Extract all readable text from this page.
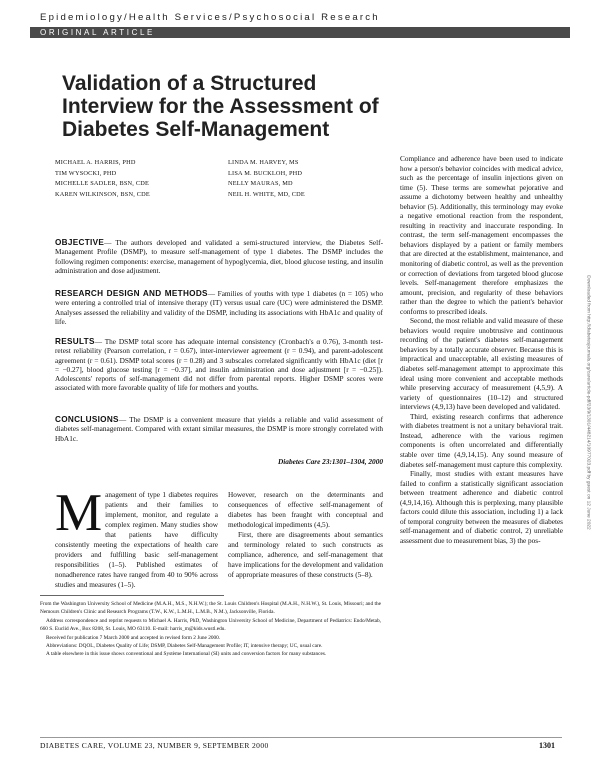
Epidemiology/Health Services/Psychosocial Research
ORIGINAL ARTICLE
Validation of a Structured Interview for the Assessment of Diabetes Self-Management
MICHAEL A. HARRIS, PHD
TIM WYSOCKI, PHD
MICHELLE SADLER, BSN, CDE
KAREN WILKINSON, BSN, CDE
LINDA M. HARVEY, MS
LISA M. BUCKLOH, PHD
NELLY MAURAS, MD
NEIL H. WHITE, MD, CDE
OBJECTIVE— The authors developed and validated a semi-structured interview, the Diabetes Self-Management Profile (DSMP), to measure self-management of type 1 diabetes. The DSMP includes the following regimen components: exercise, management of hypoglycemia, diet, blood glucose testing, and insulin administration and dose adjustment.
RESEARCH DESIGN AND METHODS— Families of youths with type 1 diabetes (n = 105) who were entering a controlled trial of intensive therapy (IT) versus usual care (UC) were administered the DSMP. Analyses assessed the reliability and validity of the DSMP, including its associations with HbA1c and quality of life.
RESULTS— The DSMP total score has adequate internal consistency (Cronbach's α 0.76), 3-month test-retest reliability (Pearson correlation, r = 0.67), inter-interviewer agreement (r = 0.94), and parent-adolescent agreement (r = 0.61). DSMP total scores (r = 0.28) and 3 subscales correlated significantly with HbA1c (diet [r = −0.27], blood glucose testing [r = −0.37], and insulin administration and dose adjustment [r = −0.25]). Adolescents' reports of self-management did not differ from parental reports. Higher DSMP scores were associated with more favorable quality of life for mothers and youths.
CONCLUSIONS— The DSMP is a convenient measure that yields a reliable and valid assessment of diabetes self-management. Compared with extant similar measures, the DSMP is more strongly correlated with HbA1c.
Diabetes Care 23:1301–1304, 2000
Management of type 1 diabetes requires patients and their families to implement, monitor, and regulate a complex regimen. Many studies show that patients have difficulty consistently meeting the expectations of health care providers and fulfilling basic self-management responsibilities (1–5). Published estimates of nonadherence rates have ranged from 40 to 90% across studies and measures (1–5).

However, research on the determinants and consequences of effective self-management of diabetes has been fraught with conceptual and methodological impediments (4,5).

First, there are disagreements about semantics and terminology related to such constructs as compliance, adherence, and self-management that have implications for the development and validation of appropriate measures of these constructs (5–8).

Compliance and adherence have been used to indicate how a person's behavior coincides with medical advice, such as the percentage of insulin injections given on time (5). These terms are somewhat pejorative and assume a dichotomy between healthy and unhealthy behavior (5). Additionally, this terminology may evoke a negative emotional reaction from the respondent, resulting in reactivity and inaccurate responding. In contrast, the term self-management encompasses the behaviors displayed by a patient or family members that are directed at the establishment, maintenance, and monitoring of diabetic control, as well as the prevention or correction of deviations from targeted blood glucose levels. Self-management therefore emphasizes the amount, precision, and regularity of these behaviors rather than the degree to which the patient's behavior conforms to prescribed ideals.

Second, the most reliable and valid measure of these behaviors would require unobtrusive and continuous recording of the patient's diabetes self-management behaviors by a totally accurate observer. Because this is impractical and unacceptable, all existing measures of diabetes self-management attempt to approximate this ideal using more convenient and acceptable methods while preserving accuracy of measurement (4,5,9). A variety of questionnaires (10–12) and structured interviews (4,9,13) have been developed and validated.

Third, existing research confirms that adherence with diabetes treatment is not a unitary behavioral trait. Instead, adherence with the various regimen components is often uncorrelated and differentially stable over time (4,9,14,15). Any sound measure of diabetes self-management must capture this complexity.

Finally, most studies with extant measures have failed to confirm a statistically significant association between treatment adherence and diabetic control (4,9,14,16). Although this is perplexing, many plausible factors could dilute this association, including 1) a lack of temporal congruity between the measures of diabetes self-management and of diabetic control, 2) unreliable assessment due to measurement bias, 3) the pos-

From the Washington University School of Medicine (M.A.H., M.S., N.H.W.); the St. Louis Children's Hospital (M.A.H., N.H.W.), St. Louis, Missouri; and the Nemours Children's Clinic and Research Programs (T.W., K.W., L.M.H., L.M.B., N.M.), Jacksonville, Florida.

Address correspondence and reprint requests to Michael A. Harris, PhD, Washington University School of Medicine, Department of Pediatrics: Endo/Metab, 660 S. Euclid Ave., Box 8208, St. Louis, MO 63110. E-mail: harris_m@kids.wustl.edu.

Received for publication 7 March 2000 and accepted in revised form 2 June 2000.

Abbreviations: DQOL, Diabetes Quality of Life; DSMP, Diabetes Self-Management Profile; IT, intensive therapy; UC, usual care.

A table elsewhere in this issue shows conventional and Système International (SI) units and conversion factors for many substances.

DIABETES CARE, VOLUME 23, NUMBER 9, SEPTEMBER 2000	1301
Downloaded from http://diabetesjournals.org/care/article-pdf/23/9/1301/448214/10977023.pdf by guest on 12 June 2022
